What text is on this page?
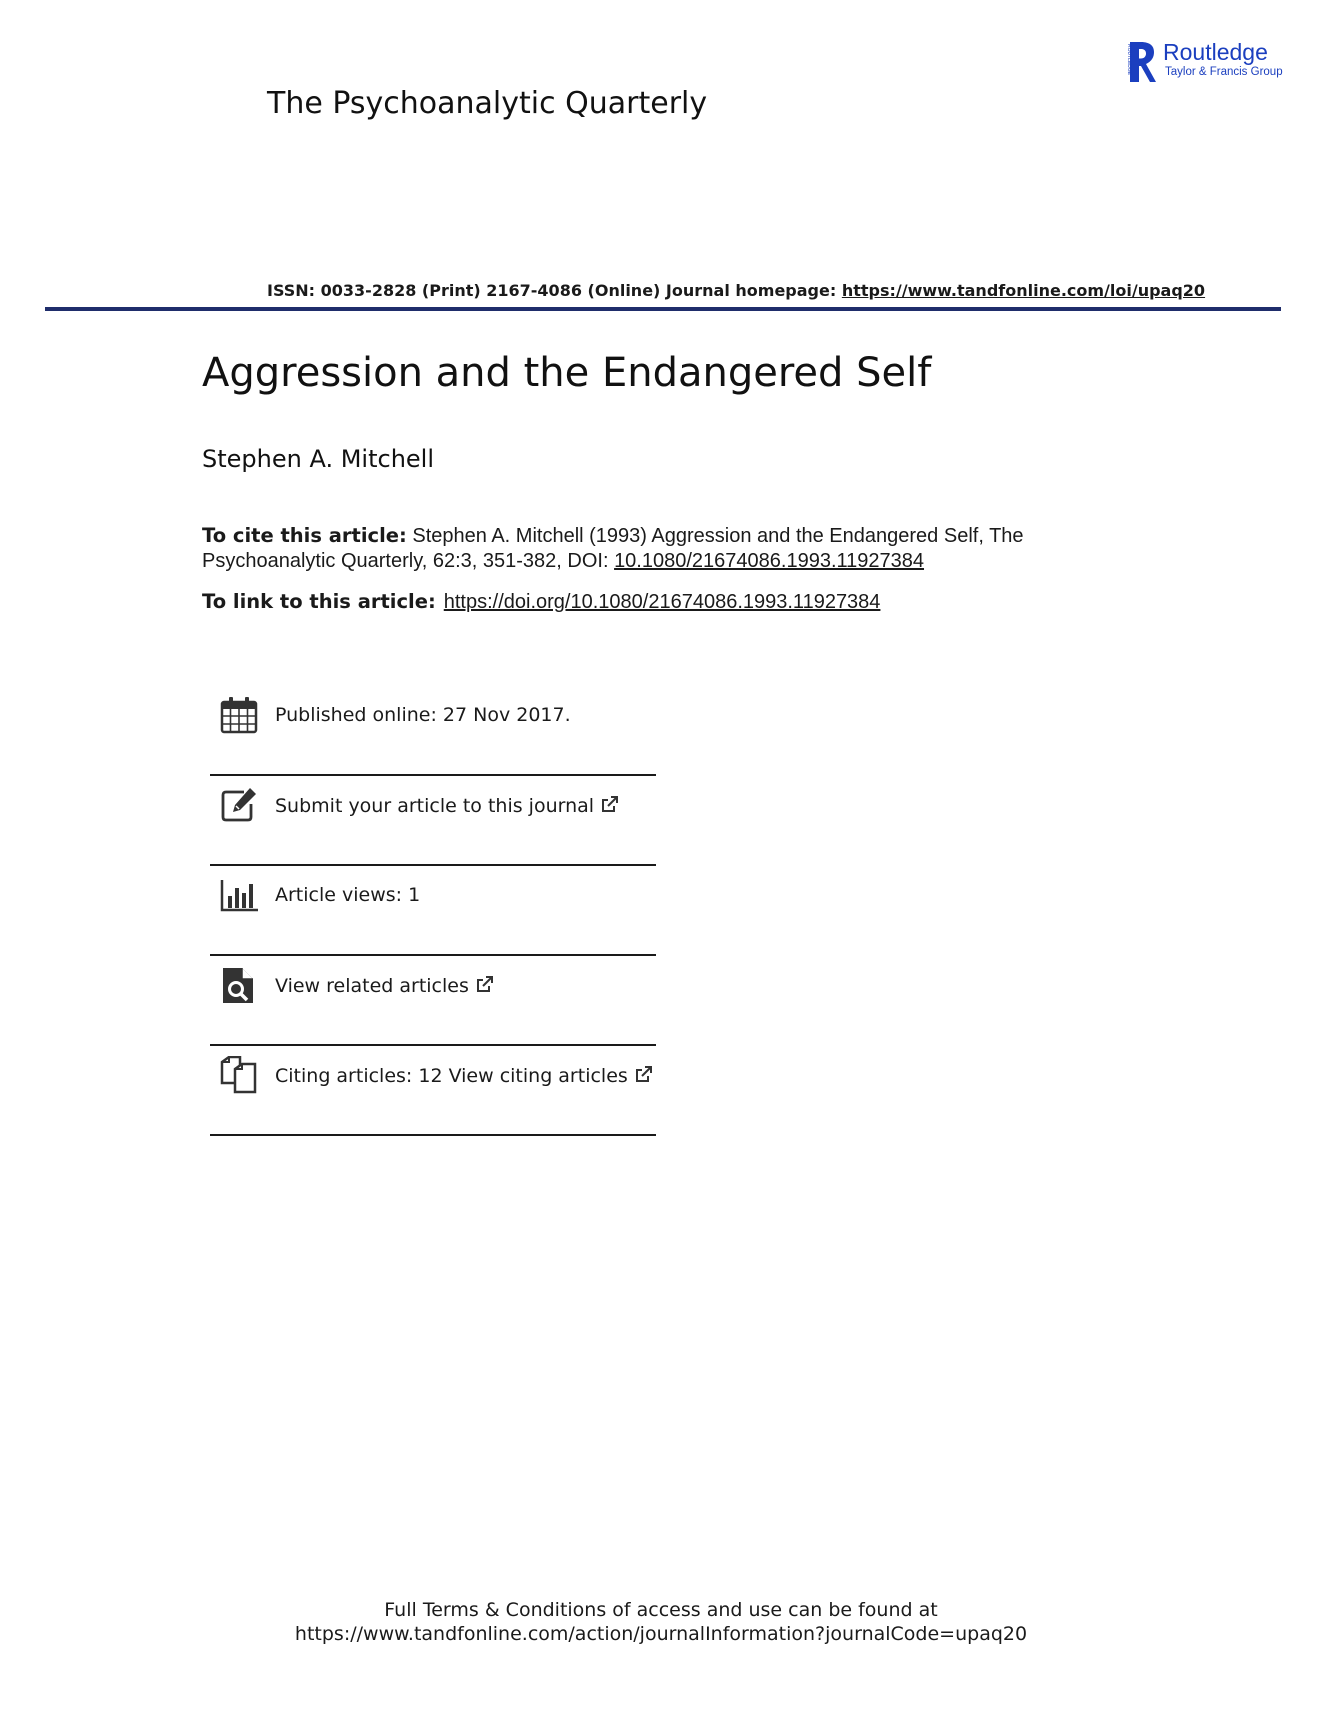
The Psychoanalytic Quarterly
ROUTLEDGE Routledge
Taylor & Francis Group
ISSN: 0033-2828 (Print) 2167-4086 (Online) Journal homepage: https://www.tandfonline.com/loi/upaq20
Aggression and the Endangered Self
Stephen A. Mitchell
To cite this article: Stephen A. Mitchell (1993) Aggression and the Endangered Self, The Psychoanalytic Quarterly, 62:3, 351-382, DOI: 10.1080/21674086.1993.11927384
To link to this article: https://doi.org/10.1080/21674086.1993.11927384
Published online: 27 Nov 2017.
Submit your article to this journal
Article views: 1
View related articles
Citing articles: 12 View citing articles
Full Terms & Conditions of access and use can be found at
https://www.tandfonline.com/action/journalInformation?journalCode=upaq20
